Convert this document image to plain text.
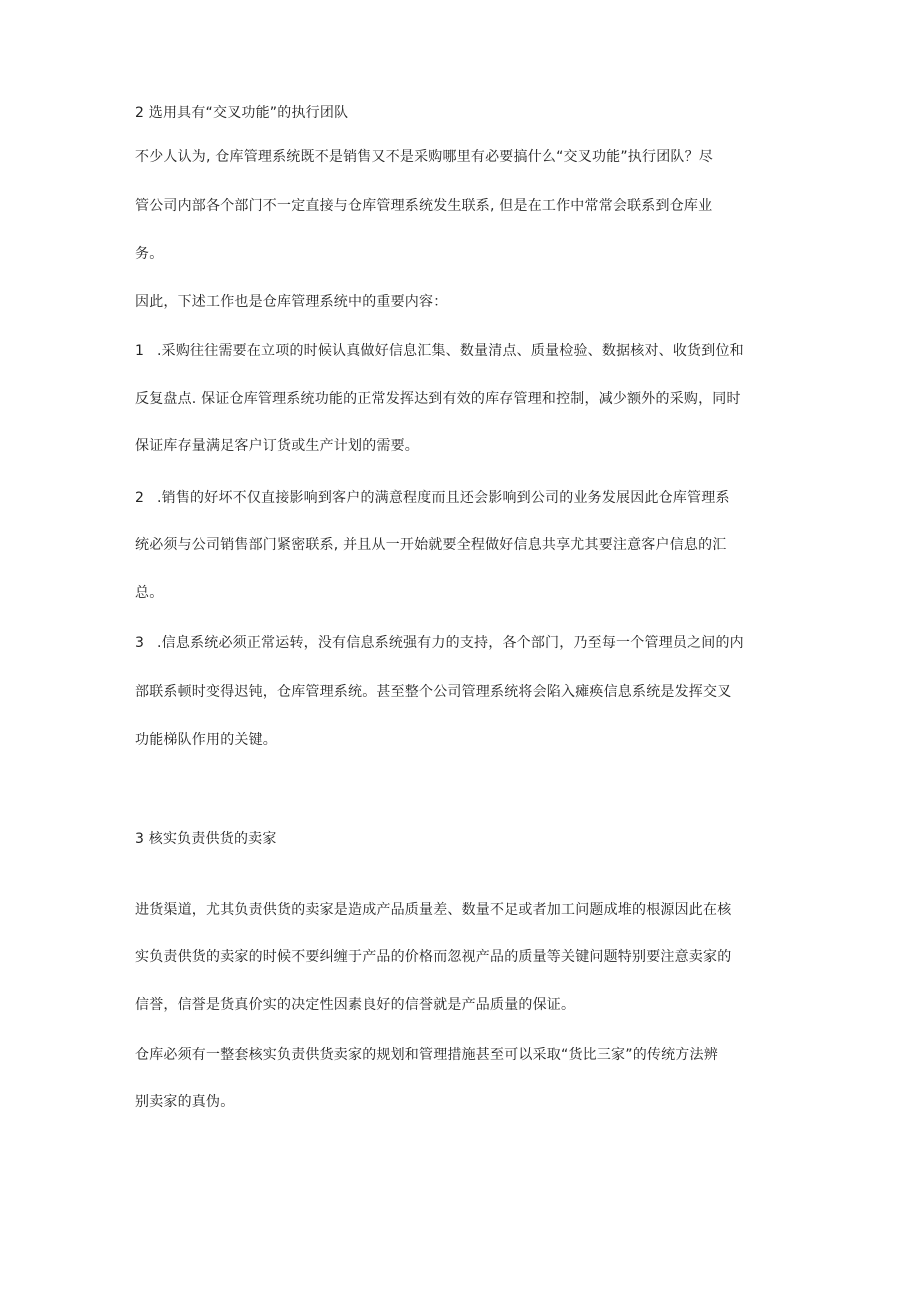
2 选用具有“交叉功能”的执行团队
不少人认为, 仓库管理系统既不是销售又不是采购哪里有必要搞什么“交叉功能”执行团队？尽
管公司内部各个部门不一定直接与仓库管理系统发生联系, 但是在工作中常常会联系到仓库业
务。
因此，下述工作也是仓库管理系统中的重要内容：
1 .采购往往需要在立项的时候认真做好信息汇集、数量清点、质量检验、数据核对、收货到位和
反复盘点. 保证仓库管理系统功能的正常发挥达到有效的库存管理和控制，减少额外的采购，同时
保证库存量满足客户订货或生产计划的需要。
2 .销售的好坏不仅直接影响到客户的满意程度而且还会影响到公司的业务发展因此仓库管理系
统必须与公司销售部门紧密联系, 并且从一开始就要全程做好信息共享尤其要注意客户信息的汇
总。
3 .信息系统必须正常运转，没有信息系统强有力的支持，各个部门，乃至每一个管理员之间的内
部联系顿时变得迟钝，仓库管理系统。甚至整个公司管理系统将会陷入瘫痪信息系统是发挥交叉
功能梯队作用的关键。
3 核实负责供货的卖家
进货渠道，尤其负责供货的卖家是造成产品质量差、数量不足或者加工问题成堆的根源因此在核
实负责供货的卖家的时候不要纠缠于产品的价格而忽视产品的质量等关键问题特别要注意卖家的
信誉，信誉是货真价实的决定性因素良好的信誉就是产品质量的保证。
仓库必须有一整套核实负责供货卖家的规划和管理措施甚至可以采取“货比三家”的传统方法辨
别卖家的真伪。
